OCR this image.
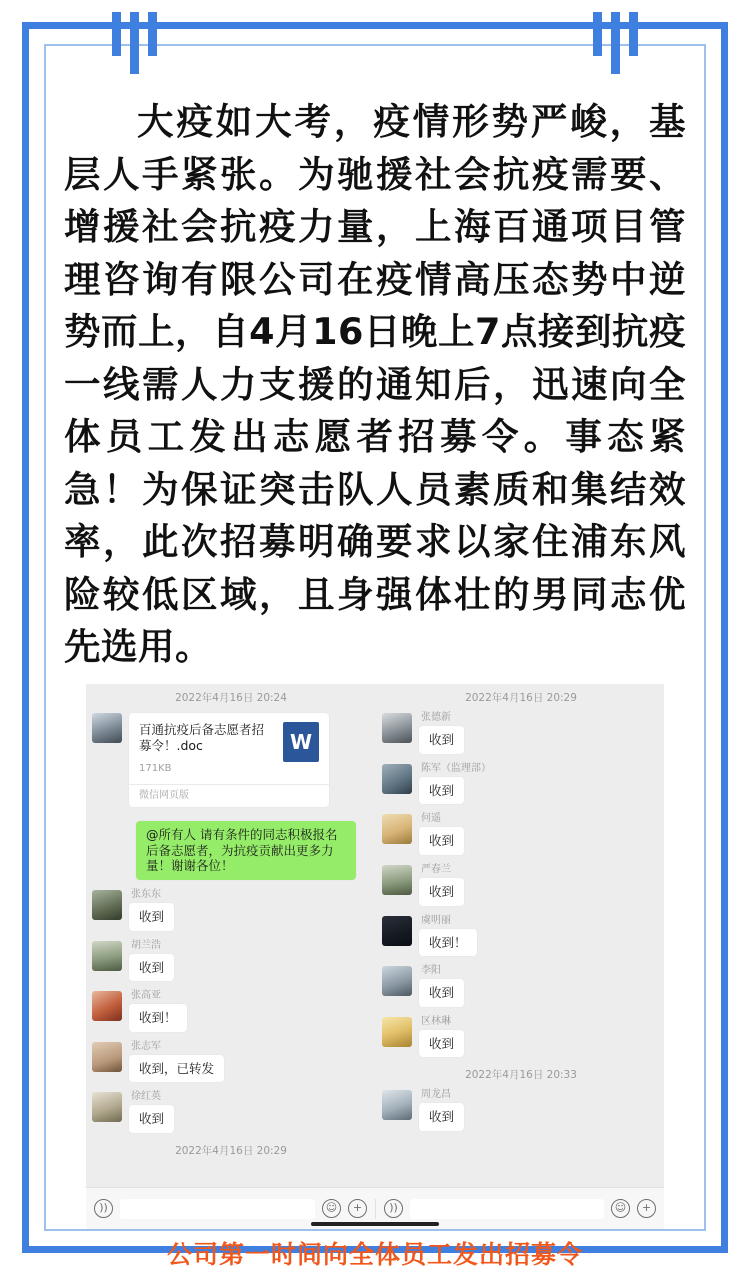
大疫如大考，疫情形势严峻，基层人手紧张。为驰援社会抗疫需要、增援社会抗疫力量，上海百通项目管理咨询有限公司在疫情高压态势中逆势而上，自4月16日晚上7点接到抗疫一线需人力支援的通知后，迅速向全体员工发出志愿者招募令。事态紧急！为保证突击队人员素质和集结效率，此次招募明确要求以家住浦东风险较低区域，且身强体壮的男同志优先选用。

2022年4月16日 20:24
百通抗疫后备志愿者招募令！.doc
171KB
W
微信网页版
@所有人 请有条件的同志积极报名后备志愿者，为抗疫贡献出更多力量！谢谢各位！
张东东
收到
胡兰浩
收到
张高亚
收到！
张志军
收到，已转发
徐红英
收到
2022年4月16日 20:29
2022年4月16日 20:29
张德新
收到
陈军（监理部）
收到
何遥
收到
严春兰
收到
虞明丽
收到！
李阳
收到
区林琳
收到
2022年4月16日 20:33
周龙昌
收到
))	☺	+	))	☺	+

公司第一时间向全体员工发出招募令
